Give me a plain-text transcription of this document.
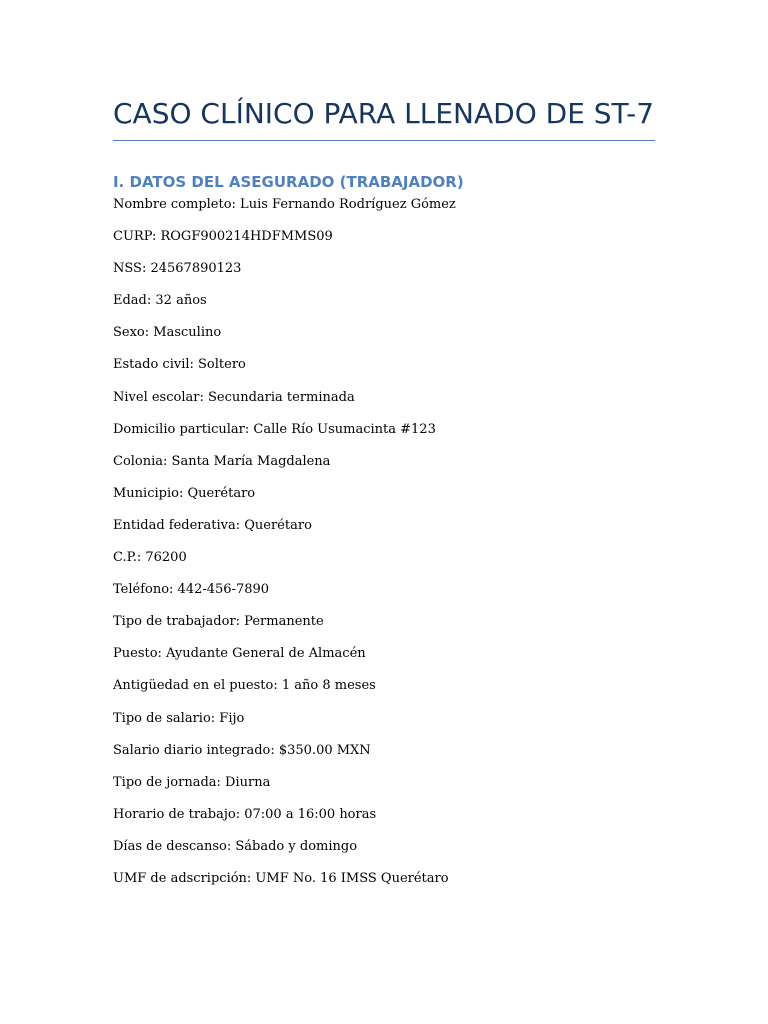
CASO CLÍNICO PARA LLENADO DE ST-7
I. DATOS DEL ASEGURADO (TRABAJADOR)
Nombre completo: Luis Fernando Rodríguez Gómez
CURP: ROGF900214HDFMMS09
NSS: 24567890123
Edad: 32 años
Sexo: Masculino
Estado civil: Soltero
Nivel escolar: Secundaria terminada
Domicilio particular: Calle Río Usumacinta #123
Colonia: Santa María Magdalena
Municipio: Querétaro
Entidad federativa: Querétaro
C.P.: 76200
Teléfono: 442-456-7890
Tipo de trabajador: Permanente
Puesto: Ayudante General de Almacén
Antigüedad en el puesto: 1 año 8 meses
Tipo de salario: Fijo
Salario diario integrado: $350.00 MXN
Tipo de jornada: Diurna
Horario de trabajo: 07:00 a 16:00 horas
Días de descanso: Sábado y domingo
UMF de adscripción: UMF No. 16 IMSS Querétaro
